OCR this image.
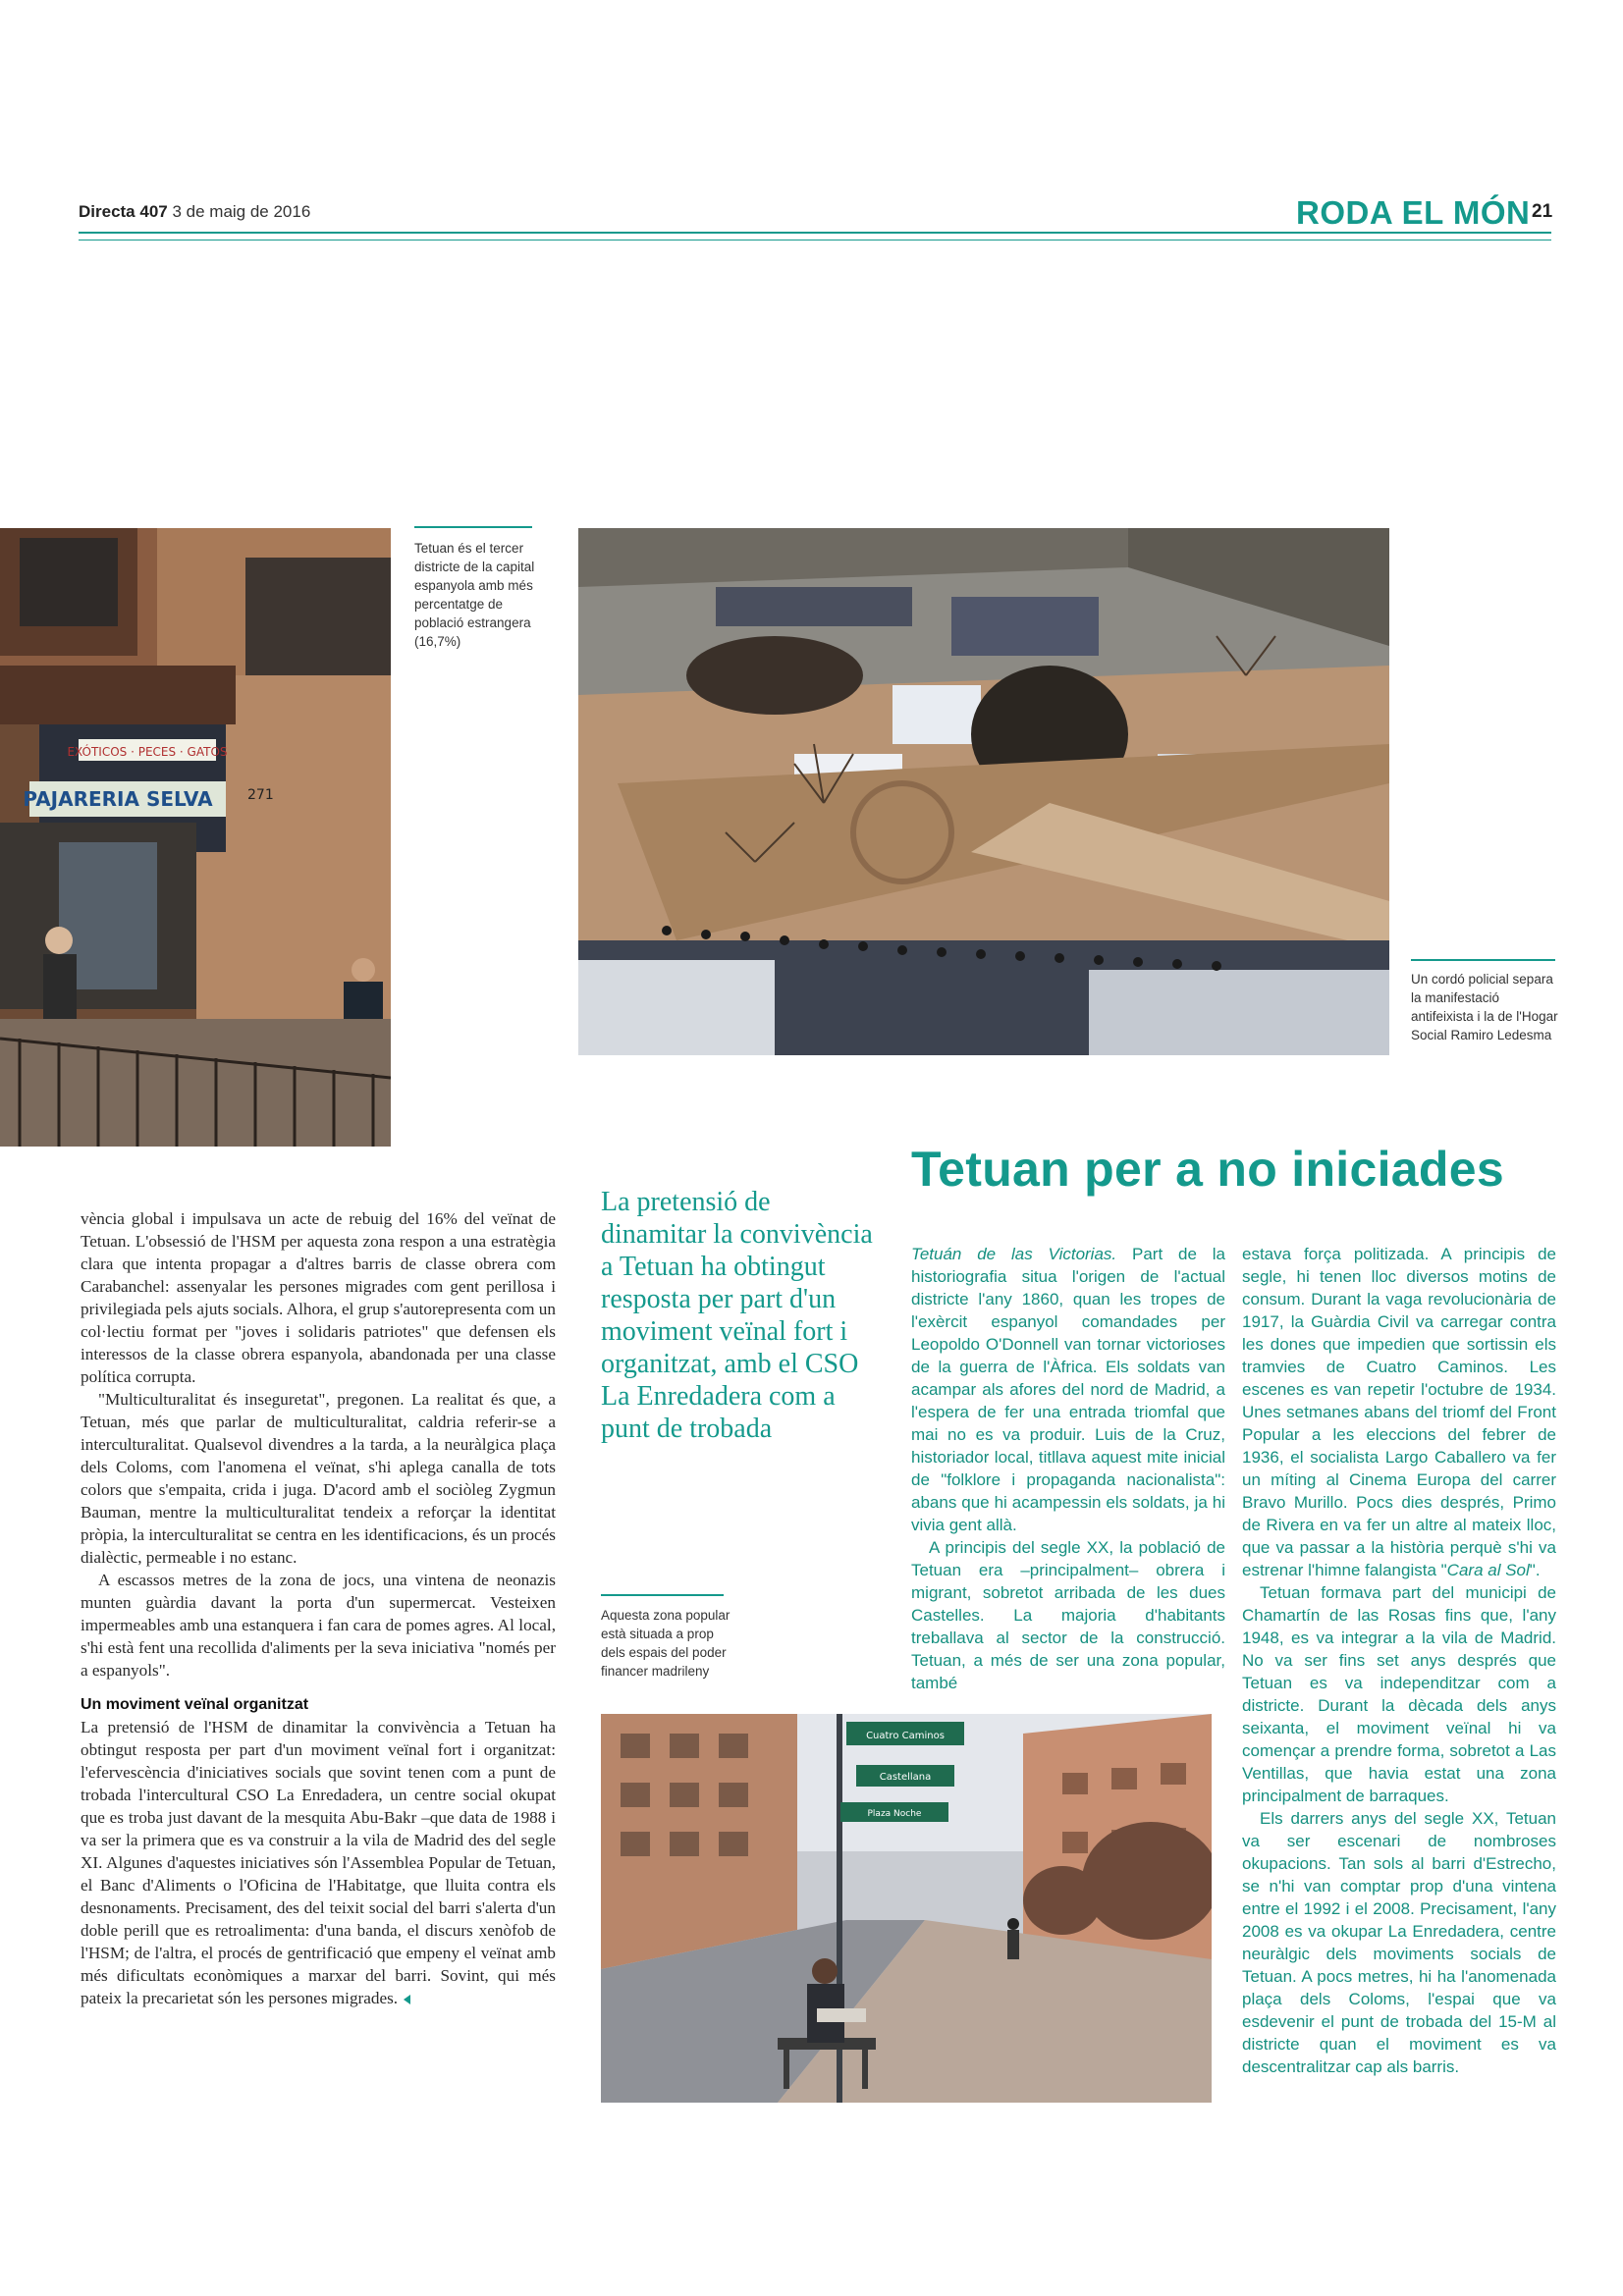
Directa 407 3 de maig de 2016	RODA EL MÓN 21
EXÓTICOS · PECES · GATOS
PAJARERIA SELVA	271
Tetuan és el tercer districte de la capital espanyola amb més percentatge de població estrangera (16,7%)
Un cordó policial separa la manifestació antifeixista i la de l'Hogar Social Ramiro Ledesma

vència global i impulsava un acte de rebuig del 16% del veïnat de Tetuan. L'obsessió de l'HSM per aquesta zona respon a una estratègia clara que intenta propagar a d'altres barris de classe obrera com Carabanchel: assenyalar les persones migrades com gent perillosa i privilegiada pels ajuts socials. Alhora, el grup s'autorepresenta com un col·lectiu format per "joves i solidaris patriotes" que defensen els interessos de la classe obrera espanyola, abandonada per una classe política corrupta.

"Multiculturalitat és inseguretat", pregonen. La realitat és que, a Tetuan, més que parlar de multiculturalitat, caldria referir-se a interculturalitat. Qualsevol divendres a la tarda, a la neuràlgica plaça dels Coloms, com l'anomena el veïnat, s'hi aplega canalla de tots colors que s'empaita, crida i juga. D'acord amb el sociòleg Zygmun Bauman, mentre la multiculturalitat tendeix a reforçar la identitat pròpia, la interculturalitat se centra en les identificacions, és un procés dialèctic, permeable i no estanc.

A escassos metres de la zona de jocs, una vintena de neonazis munten guàrdia davant la porta d'un supermercat. Vesteixen impermeables amb una estanquera i fan cara de pomes agres. Al local, s'hi està fent una recollida d'aliments per la seva iniciativa "només per a espanyols".

Un moviment veïnal organitzat

La pretensió de l'HSM de dinamitar la convivència a Tetuan ha obtingut resposta per part d'un moviment veïnal fort i organitzat: l'efervescència d'iniciatives socials que sovint tenen com a punt de trobada l'intercultural CSO La Enredadera, un centre social okupat que es troba just davant de la mesquita Abu-Bakr –que data de 1988 i va ser la primera que es va construir a la vila de Madrid des del segle XI. Algunes d'aquestes iniciatives són l'Assemblea Popular de Tetuan, el Banc d'Aliments o l'Oficina de l'Habitatge, que lluita contra els desnonaments. Precisament, des del teixit social del barri s'alerta d'un doble perill que es retroalimenta: d'una banda, el discurs xenòfob de l'HSM; de l'altra, el procés de gentrificació que empeny el veïnat amb més dificultats econòmiques a marxar del barri. Sovint, qui més pateix la precarietat són les persones migrades.

La pretensió de dinamitar la convivència a Tetuan ha obtingut resposta per part d'un moviment veïnal fort i organitzat, amb el CSO La Enredadera com a punt de trobada
Aquesta zona popular està situada a prop dels espais del poder financer madrileny
Cuatro Caminos
Castellana
Plaza Noche
Tetuan per a no iniciades

Tetuán de las Victorias. Part de la historiografia situa l'origen de l'actual districte l'any 1860, quan les tropes de l'exèrcit espanyol comandades per Leopoldo O'Donnell van tornar victorioses de la guerra de l'Àfrica. Els soldats van acampar als afores del nord de Madrid, a l'espera de fer una entrada triomfal que mai no es va produir. Luis de la Cruz, historiador local, titllava aquest mite inicial de "folklore i propaganda nacionalista": abans que hi acampessin els soldats, ja hi vivia gent allà.

A principis del segle XX, la població de Tetuan era –principalment– obrera i migrant, sobretot arribada de les dues Castelles. La majoria d'habitants treballava al sector de la construcció. Tetuan, a més de ser una zona popular, també

estava força politizada. A principis de segle, hi tenen lloc diversos motins de consum. Durant la vaga revolucionària de 1917, la Guàrdia Civil va carregar contra les dones que impedien que sortissin els tramvies de Cuatro Caminos. Les escenes es van repetir l'octubre de 1934. Unes setmanes abans del triomf del Front Popular a les eleccions del febrer de 1936, el socialista Largo Caballero va fer un míting al Cinema Europa del carrer Bravo Murillo. Pocs dies després, Primo de Rivera en va fer un altre al mateix lloc, que va passar a la història perquè s'hi va estrenar l'himne falangista "Cara al Sol".

Tetuan formava part del municipi de Chamartín de las Rosas fins que, l'any 1948, es va integrar a la vila de Madrid. No va ser fins set anys després que Tetuan es va independitzar com a districte. Durant la dècada dels anys seixanta, el moviment veïnal hi va començar a prendre forma, sobretot a Las Ventillas, que havia estat una zona principalment de barraques.

Els darrers anys del segle XX, Tetuan va ser escenari de nombroses okupacions. Tan sols al barri d'Estrecho, se n'hi van comptar prop d'una vintena entre el 1992 i el 2008. Precisament, l'any 2008 es va okupar La Enredadera, centre neuràlgic dels moviments socials de Tetuan. A pocs metres, hi ha l'anomenada plaça dels Coloms, l'espai que va esdevenir el punt de trobada del 15-M al districte quan el moviment es va descentralitzar cap als barris.
